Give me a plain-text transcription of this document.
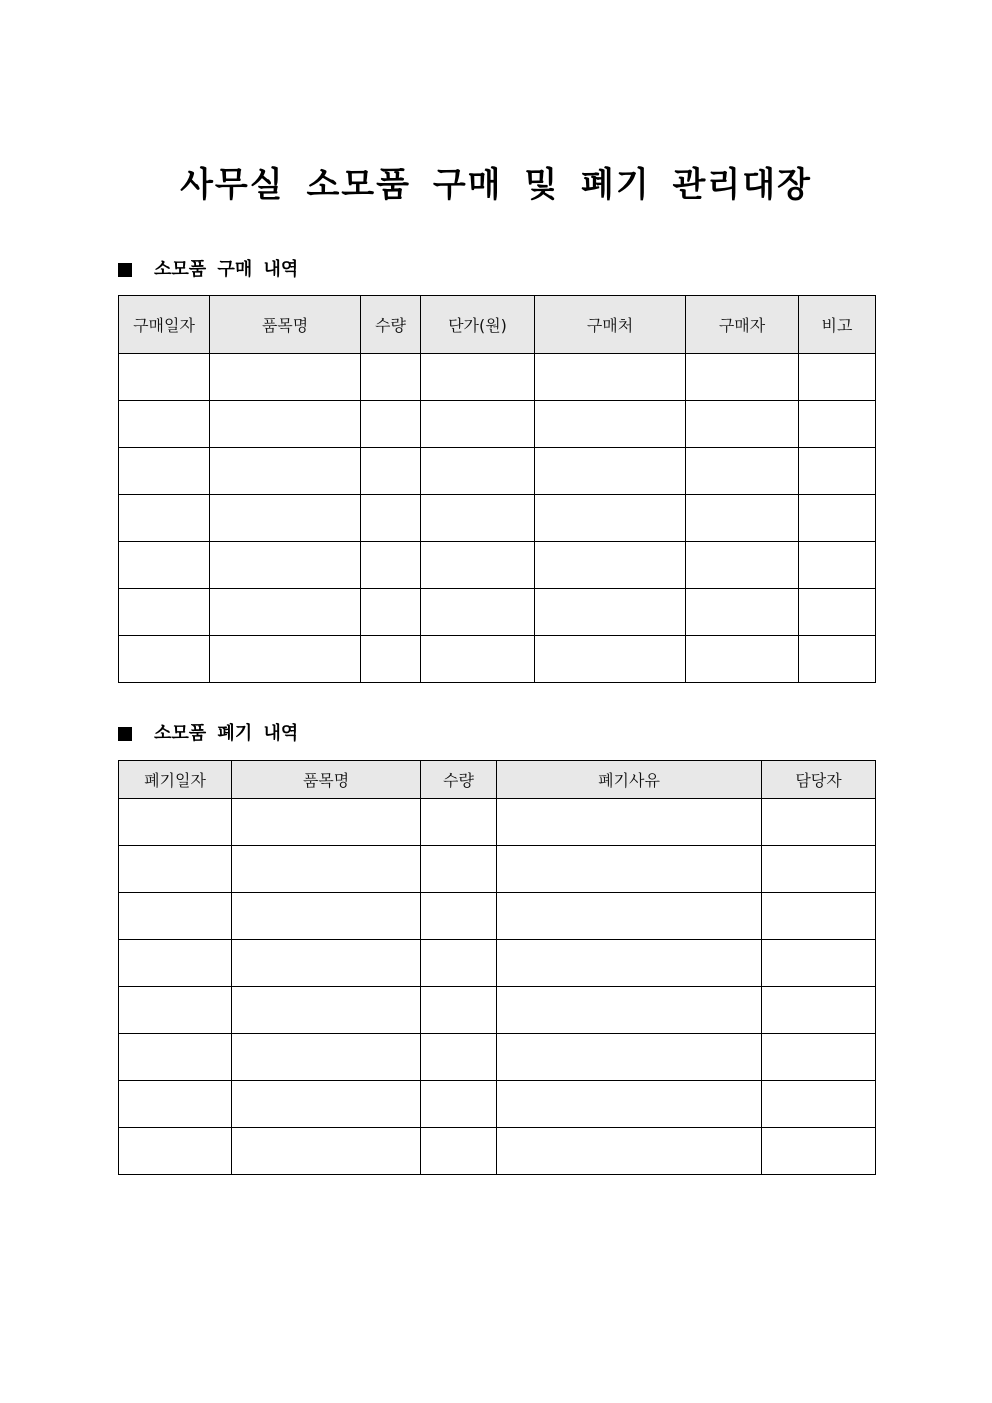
사무실 소모품 구매 및 폐기 관리대장
소모품 구매 내역
구매일자	품목명	수량	단가(원)	구매처	구매자	비고

소모품 폐기 내역
폐기일자	품목명	수량	폐기사유	담당자
